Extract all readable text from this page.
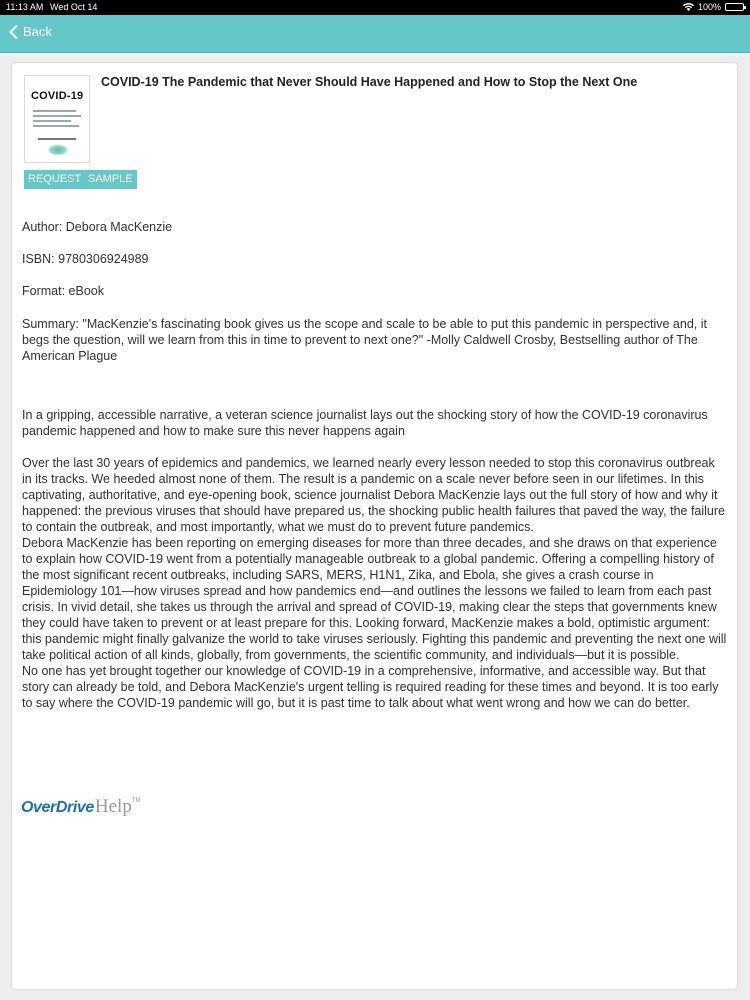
11:13 AM Wed Oct 14	100%
Back
COVID-19
COVID-19 The Pandemic that Never Should Have Happened and How to Stop the Next One
REQUEST SAMPLE
Author: Debora MacKenzie
ISBN: 9780306924989
Format: eBook
Summary: "MacKenzie's fascinating book gives us the scope and scale to be able to put this pandemic in perspective and, it begs the question, will we learn from this in time to prevent to next one?" -Molly Caldwell Crosby, Bestselling author of The American Plague
In a gripping, accessible narrative, a veteran science journalist lays out the shocking story of how the COVID-19 coronavirus pandemic happened and how to make sure this never happens again

Over the last 30 years of epidemics and pandemics, we learned nearly every lesson needed to stop this coronavirus outbreak in its tracks. We heeded almost none of them. The result is a pandemic on a scale never before seen in our lifetimes. In this captivating, authoritative, and eye-opening book, science journalist Debora MacKenzie lays out the full story of how and why it happened: the previous viruses that should have prepared us, the shocking public health failures that paved the way, the failure to contain the outbreak, and most importantly, what we must do to prevent future pandemics.

Debora MacKenzie has been reporting on emerging diseases for more than three decades, and she draws on that experience to explain how COVID-19 went from a potentially manageable outbreak to a global pandemic. Offering a compelling history of the most significant recent outbreaks, including SARS, MERS, H1N1, Zika, and Ebola, she gives a crash course in Epidemiology 101—how viruses spread and how pandemics end—and outlines the lessons we failed to learn from each past crisis. In vivid detail, she takes us through the arrival and spread of COVID-19, making clear the steps that governments knew they could have taken to prevent or at least prepare for this. Looking forward, MacKenzie makes a bold, optimistic argument: this pandemic might finally galvanize the world to take viruses seriously. Fighting this pandemic and preventing the next one will take political action of all kinds, globally, from governments, the scientific community, and individuals—but it is possible.

No one has yet brought together our knowledge of COVID-19 in a comprehensive, informative, and accessible way. But that story can already be told, and Debora MacKenzie's urgent telling is required reading for these times and beyond. It is too early to say where the COVID-19 pandemic will go, but it is past time to talk about what went wrong and how we can do better.

OverDrive Help TM
